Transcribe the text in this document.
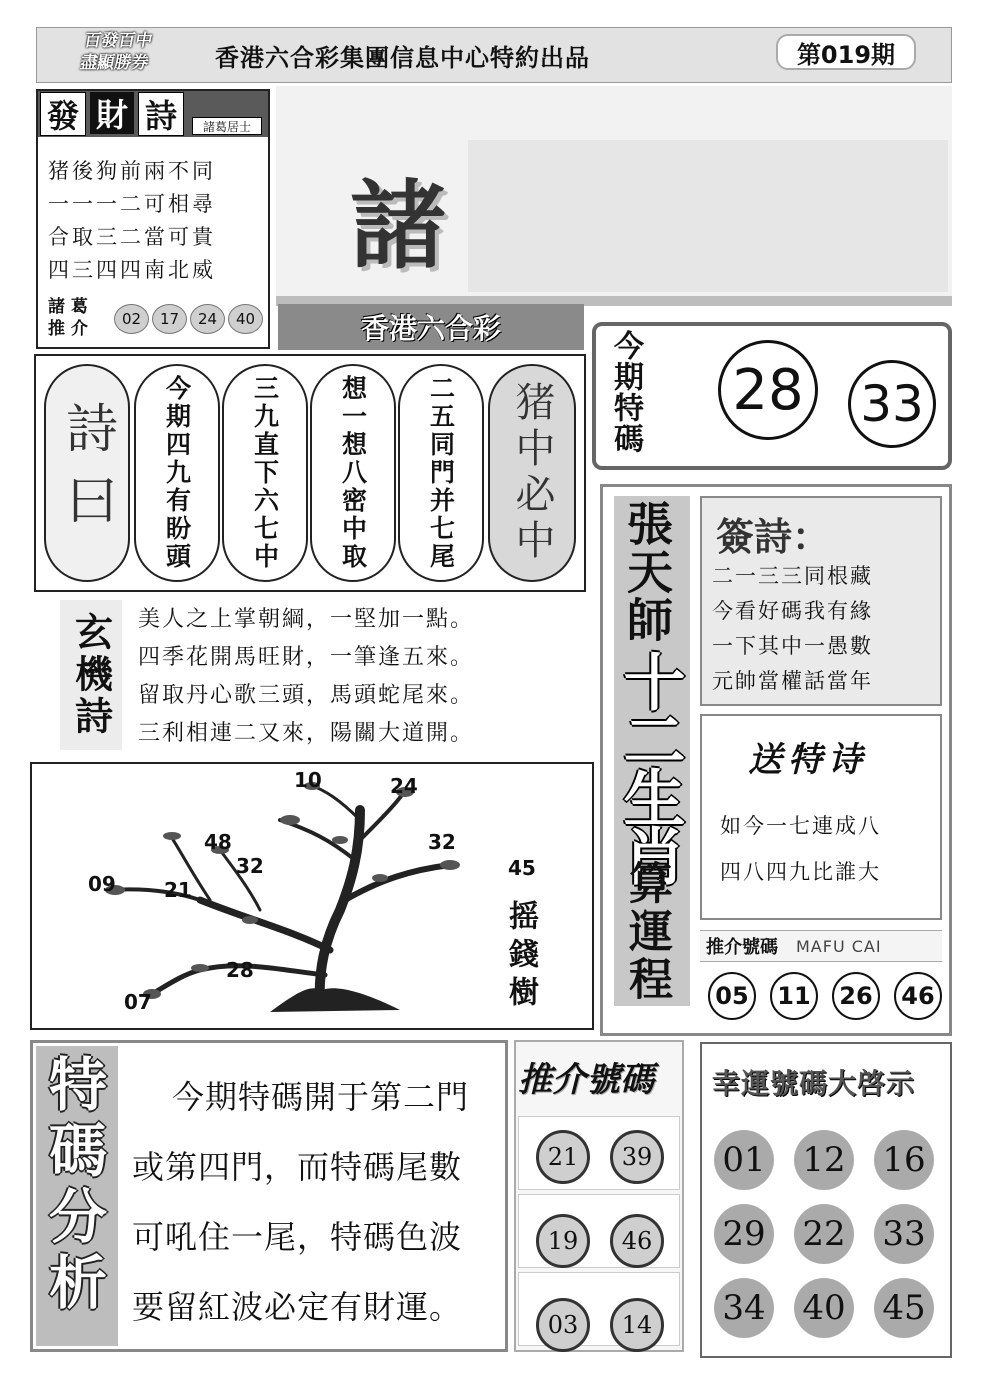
百發百中
盡顯勝券	香港六合彩集團信息中心特約出品	第019期
發 財 詩	諸葛居士
猪後狗前兩不同
一一一二可相尋
合取三二當可貴
四三四四南北威
諸 葛
推 介	02	17	24	40
諸
香港六合彩
詩曰	今期四九有盼頭 三九直下六七中 想一想八密中取 二五同門并七尾 猪中必中 今期特碼 28 33
玄機詩 美人之上掌朝綱，一堅加一點。
四季花開馬旺財，一筆逢五來。
留取丹心歌三頭，馬頭蛇尾來。
三利相連二又來，陽關大道開。
10	24
48	32
32	45
09 21
28
07	摇錢樹
張天師
十二生肖
算運程
簽詩：
二一三三同根藏
今看好碼我有緣
一下其中一愚數
元帥當權話當年
送特诗
如今一七連成八
四八四九比誰大
推介號碼 MAFU CAI
05	11	26	46
特碼分析	今期特碼開于第二門
或第四門，而特碼尾數
可吼住一尾，特碼色波
要留紅波必定有財運。
推介號碼
21	39
19	46
03	14
幸運號碼大啓示
01 12 16
29 22 33
34 40 45
